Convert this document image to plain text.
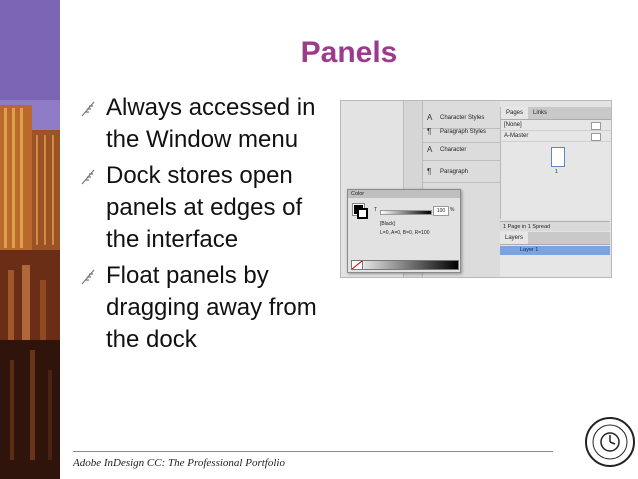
Panels
Always accessed in the Window menu
Dock stores open panels at edges of the interface
Float panels by dragging away from the dock
A	Character Styles
¶	Paragraph Styles
A	Character
¶	Paragraph
Pages	Links
[None]
A-Master
1
1 Page in 1 Spread
Layers
Layer 1
Color
T	100 %
[Black]
L=0, A=0, B=0, R=100
Adobe InDesign CC: The Professional Portfolio
